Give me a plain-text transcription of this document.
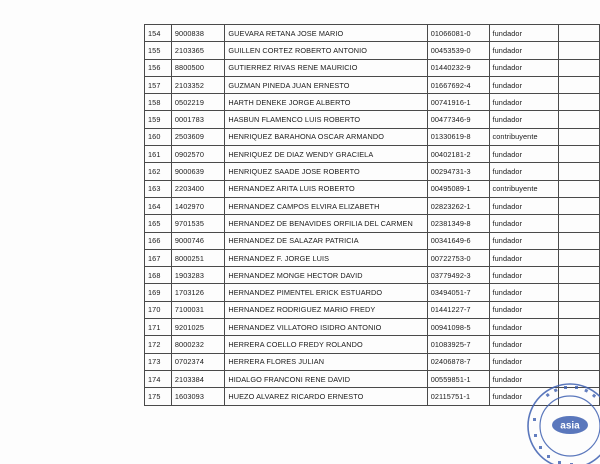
154	9000838	GUEVARA RETANA JOSE MARIO	01066081-0	fundador	
155	2103365	GUILLEN CORTEZ ROBERTO ANTONIO	00453539-0	fundador	
156	8800500	GUTIERREZ RIVAS RENE MAURICIO	01440232-9	fundador	
157	2103352	GUZMAN PINEDA JUAN ERNESTO	01667692-4	fundador	
158	0502219	HARTH DENEKE JORGE ALBERTO	00741916-1	fundador	
159	0001783	HASBUN FLAMENCO LUIS ROBERTO	00477346-9	fundador	
160	2503609	HENRIQUEZ BARAHONA OSCAR ARMANDO	01330619-8	contribuyente	
161	0902570	HENRIQUEZ DE DIAZ WENDY GRACIELA	00402181-2	fundador	
162	9000639	HENRIQUEZ SAADE JOSE ROBERTO	00294731-3	fundador	
163	2203400	HERNANDEZ ARITA LUIS ROBERTO	00495089-1	contribuyente	
164	1402970	HERNANDEZ CAMPOS ELVIRA ELIZABETH	02823262-1	fundador	
165	9701535	HERNANDEZ DE BENAVIDES ORFILIA DEL CARMEN	02381349-8	fundador	
166	9000746	HERNANDEZ DE SALAZAR PATRICIA	00341649-6	fundador	
167	8000251	HERNANDEZ F. JORGE LUIS	00722753-0	fundador	
168	1903283	HERNANDEZ MONGE HECTOR DAVID	03779492-3	fundador	
169	1703126	HERNANDEZ PIMENTEL ERICK ESTUARDO	03494051-7	fundador	
170	7100031	HERNANDEZ RODRIGUEZ MARIO FREDY	01441227-7	fundador	
171	9201025	HERNANDEZ VILLATORO ISIDRO ANTONIO	00941098-5	fundador	
172	8000232	HERRERA COELLO FREDY ROLANDO	01083925-7	fundador	
173	0702374	HERRERA FLORES JULIAN	02406878-7	fundador	
174	2103384	HIDALGO FRANCONI RENE DAVID	00559851-1	fundador	
175	1603093	HUEZO ALVAREZ RICARDO ERNESTO	02115751-1	fundador	
asia
